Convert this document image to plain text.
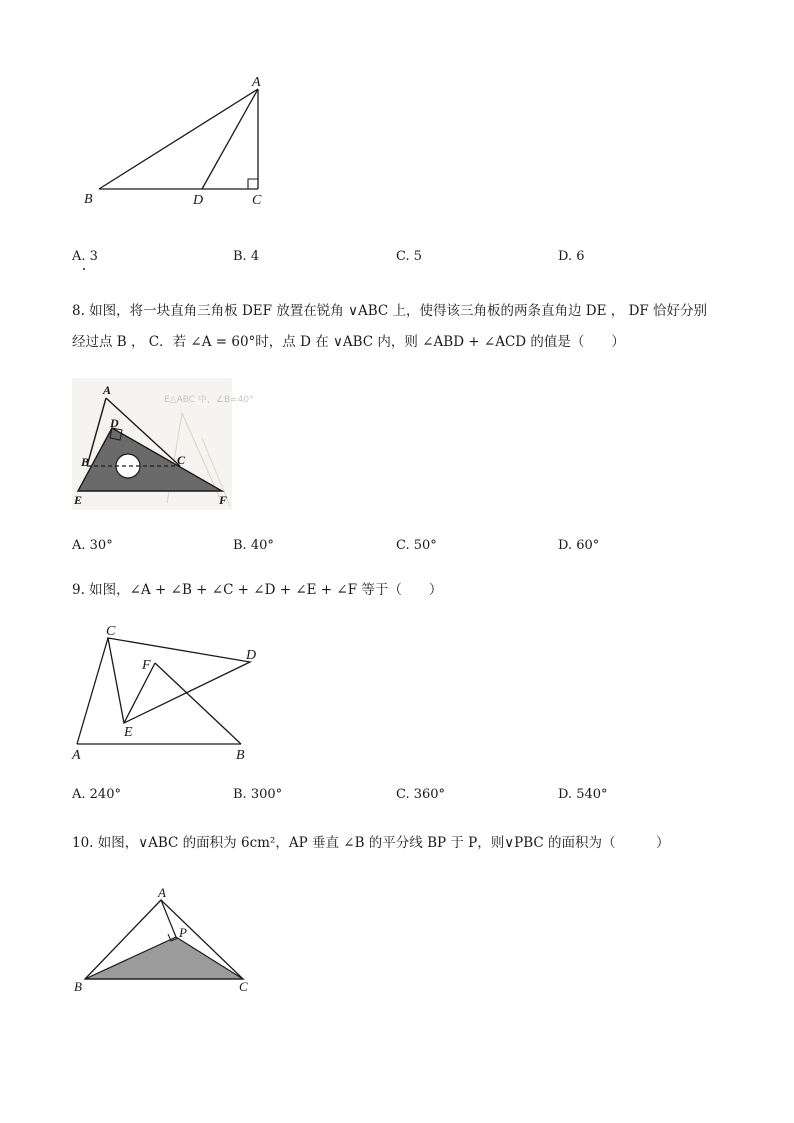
A
B	D	C
A. 3	B. 4	C. 5	D. 6
8. 如图，将一块直角三角板 DEF 放置在锐角 ∨ABC 上，使得该三角板的两条直角边 DE ， DF 恰好分别
经过点 B ， C．若 ∠A = 60°时，点 D 在 ∨ABC 内，则 ∠ABD + ∠ACD 的值是（　　）
E△ABC 中，∠B=40°
A
D
B	C
E	F
A. 30°	B. 40°	C. 50°	D. 60°
9. 如图，∠A + ∠B + ∠C + ∠D + ∠E + ∠F 等于（　　）
C
D
F
E
A	B
A. 240°	B. 300°	C. 360°	D. 540°
10. 如图，∨ABC 的面积为 6cm²，AP 垂直 ∠B 的平分线 BP 于 P，则∨PBC 的面积为（　　　）
A
P
B	C
